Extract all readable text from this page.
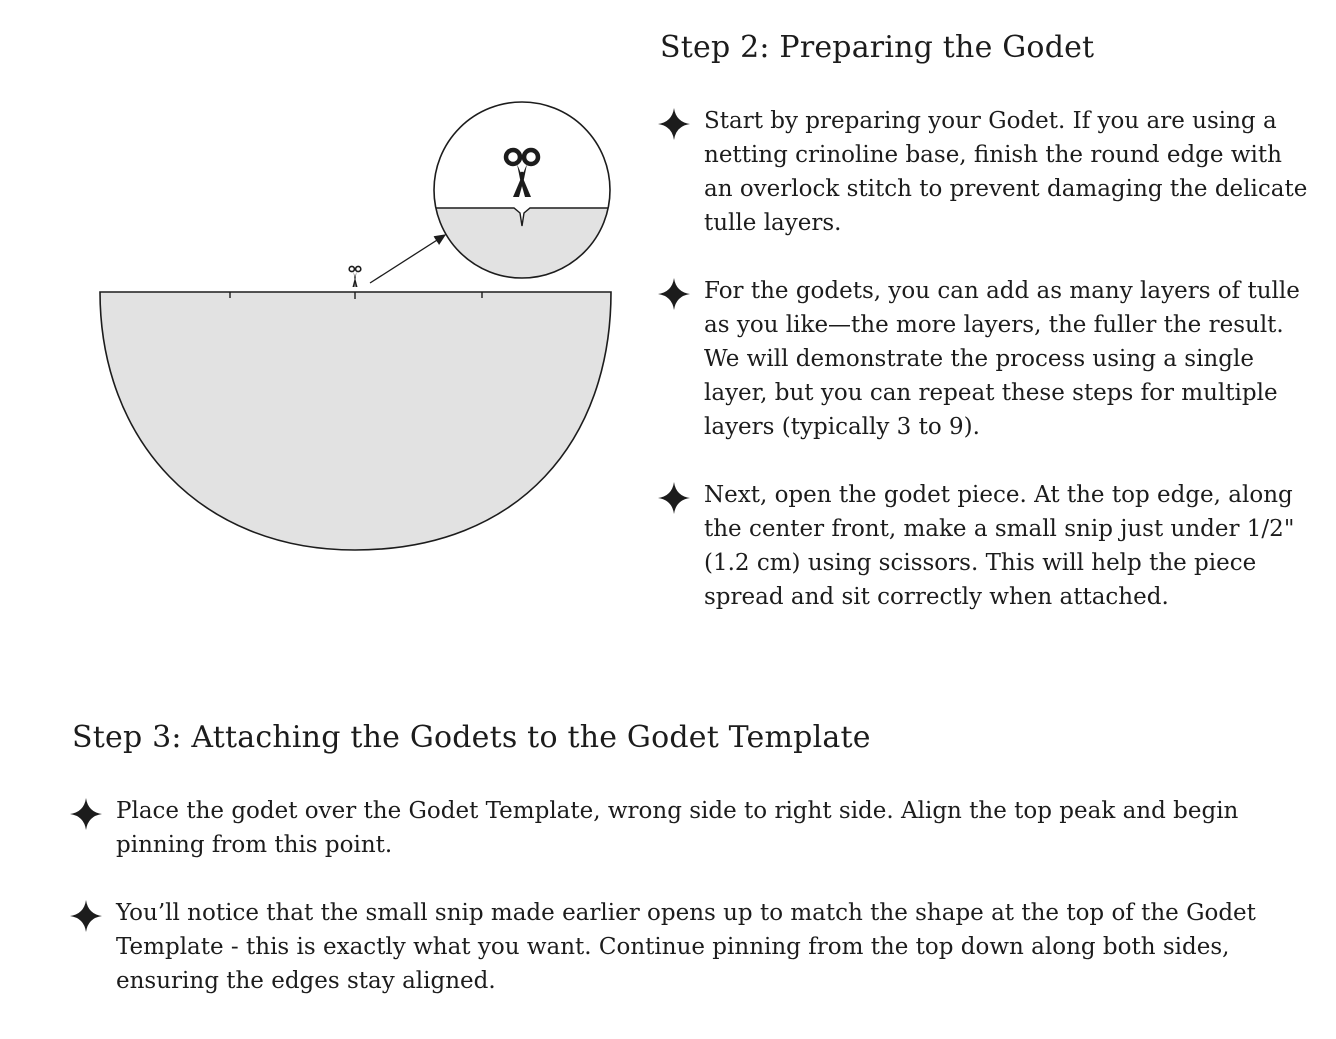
Step 2: Preparing the Godet
Start by preparing your Godet. If you are using a netting crinoline base, finish the round edge with an overlock stitch to prevent damaging the delicate tulle layers.
For the godets, you can add as many layers of tulle as you like—the more layers, the fuller the result. We will demonstrate the process using a single layer, but you can repeat these steps for multiple layers (typically 3 to 9).
Next, open the godet piece. At the top edge, along the center front, make a small snip just under 1/2" (1.2 cm) using scissors. This will help the piece spread and sit correctly when attached.
Step 3: Attaching the Godets to the Godet Template
Place the godet over the Godet Template, wrong side to right side. Align the top peak and begin pinning from this point.
You’ll notice that the small snip made earlier opens up to match the shape at the top of the Godet Template - this is exactly what you want. Continue pinning from the top down along both sides, ensuring the edges stay aligned.
